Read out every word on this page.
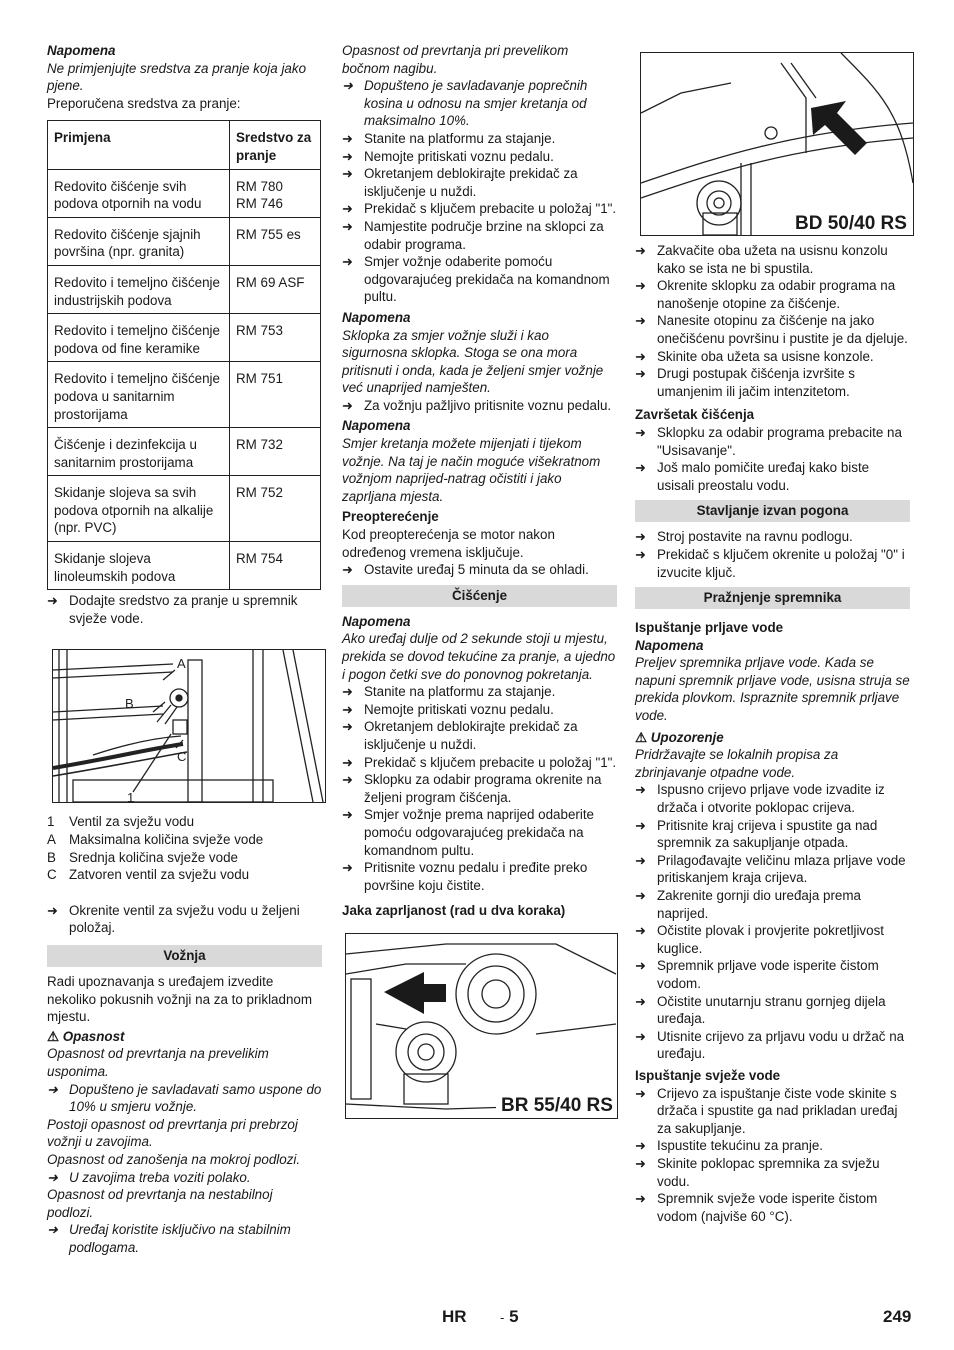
Napomena

Ne primjenjujte sredstva za pranje koja jako pjene.

Preporučena sredstva za pranje:

Primjena	Sredstvo za pranje
Redovito čišćenje svih podova otpornih na vodu	RM 780
RM 746
Redovito čišćenje sjajnih površina (npr. granita)	RM 755 es
Redovito i temeljno čišćenje industrijskih podova	RM 69 ASF
Redovito i temeljno čišćenje podova od fine keramike	RM 753
Redovito i temeljno čišćenje podova u sanitarnim prostorijama	RM 751
Čišćenje i dezinfekcija u sanitarnim prostorijama	RM 732
Skidanje slojeva sa svih podova otpornih na alkalije (npr. PVC)	RM 752
Skidanje slojeva linoleumskih podova	RM 754

➜ Dodajte sredstvo za pranje u spremnik svježe vode.

A
B
C
1
1	Ventil za svježu vodu
A Maksimalna količina svježe vode
B Srednja količina svježe vode
C Zatvoren ventil za svježu vodu

➜ Okrenite ventil za svježu vodu u željeni položaj.

Vožnja

Radi upoznavanja s uređajem izvedite nekoliko pokusnih vožnji na za to prikladnom mjestu.

⚠ Opasnost

Opasnost od prevrtanja na prevelikim usponima.

➜ Dopušteno je savladavati samo uspone do 10% u smjeru vožnje.

Postoji opasnost od prevrtanja pri prebrzoj vožnji u zavojima.

Opasnost od zanošenja na mokroj podlozi.

➜ U zavojima treba voziti polako.

Opasnost od prevrtanja na nestabilnoj podlozi.

➜ Uređaj koristite isključivo na stabilnim podlogama.

Opasnost od prevrtanja pri prevelikom bočnom nagibu.

➜ Dopušteno je savladavanje poprečnih kosina u odnosu na smjer kretanja od maksimalno 10%.

➜ Stanite na platformu za stajanje.

➜ Nemojte pritiskati voznu pedalu.

➜ Okretanjem deblokirajte prekidač za isključenje u nuždi.

➜ Prekidač s ključem prebacite u položaj "1".

➜ Namjestite područje brzine na sklopci za odabir programa.

➜ Smjer vožnje odaberite pomoću odgovarajućeg prekidača na komandnom pultu.

Napomena

Sklopka za smjer vožnje služi i kao sigurnosna sklopka. Stoga se ona mora pritisnuti i onda, kada je željeni smjer vožnje već unaprijed namješten.

➜ Za vožnju pažljivo pritisnite voznu pedalu.

Napomena

Smjer kretanja možete mijenjati i tijekom vožnje. Na taj je način moguće višekratnom vožnjom naprijed-natrag očistiti i jako zaprljana mjesta.

Preopterećenje

Kod preopterećenja se motor nakon određenog vremena isključuje.

➜ Ostavite uređaj 5 minuta da se ohladi.

Čišćenje

Napomena

Ako uređaj dulje od 2 sekunde stoji u mjestu, prekida se dovod tekućine za pranje, a ujedno i pogon četki sve do ponovnog pokretanja.

➜ Stanite na platformu za stajanje.

➜ Nemojte pritiskati voznu pedalu.

➜ Okretanjem deblokirajte prekidač za isključenje u nuždi.

➜ Prekidač s ključem prebacite u položaj "1".

➜ Sklopku za odabir programa okrenite na željeni program čišćenja.

➜ Smjer vožnje prema naprijed odaberite pomoću odgovarajućeg prekidača na komandnom pultu.

➜ Pritisnite voznu pedalu i pređite preko površine koju čistite.

Jaka zaprljanost (rad u dva koraka)

BR 55/40 RS
BD 50/40 RS

➜ Zakvačite oba užeta na usisnu konzolu kako se ista ne bi spustila.

➜ Okrenite sklopku za odabir programa na nanošenje otopine za čišćenje.

➜ Nanesite otopinu za čišćenje na jako onečišćenu površinu i pustite je da djeluje.

➜ Skinite oba užeta sa usisne konzole.

➜ Drugi postupak čišćenja izvršite s umanjenim ili jačim intenzitetom.

Završetak čišćenja

➜ Sklopku za odabir programa prebacite na "Usisavanje".

➜ Još malo pomičite uređaj kako biste usisali preostalu vodu.

Stavljanje izvan pogona

➜ Stroj postavite na ravnu podlogu.

➜ Prekidač s ključem okrenite u položaj "0" i izvucite ključ.

Pražnjenje spremnika

Ispuštanje prljave vode

Napomena

Preljev spremnika prljave vode. Kada se napuni spremnik prljave vode, usisna struja se prekida plovkom. Ispraznite spremnik prljave vode.

⚠ Upozorenje

Pridržavajte se lokalnih propisa za zbrinjavanje otpadne vode.

➜ Ispusno crijevo prljave vode izvadite iz držača i otvorite poklopac crijeva.

➜ Pritisnite kraj crijeva i spustite ga nad spremnik za sakupljanje otpada.

➜ Prilagođavajte veličinu mlaza prljave vode pritiskanjem kraja crijeva.

➜ Zakrenite gornji dio uređaja prema naprijed.

➜ Očistite plovak i provjerite pokretljivost kuglice.

➜ Spremnik prljave vode isperite čistom vodom.

➜ Očistite unutarnju stranu gornjeg dijela uređaja.

➜ Utisnite crijevo za prljavu vodu u držač na uređaju.

Ispuštanje svježe vode

➜ Crijevo za ispuštanje čiste vode skinite s držača i spustite ga nad prikladan uređaj za sakupljanje.

➜ Ispustite tekućinu za pranje.

➜ Skinite poklopac spremnika za svježu vodu.

➜ Spremnik svježe vode isperite čistom vodom (najviše 60 °C).

HR	- 5	249
